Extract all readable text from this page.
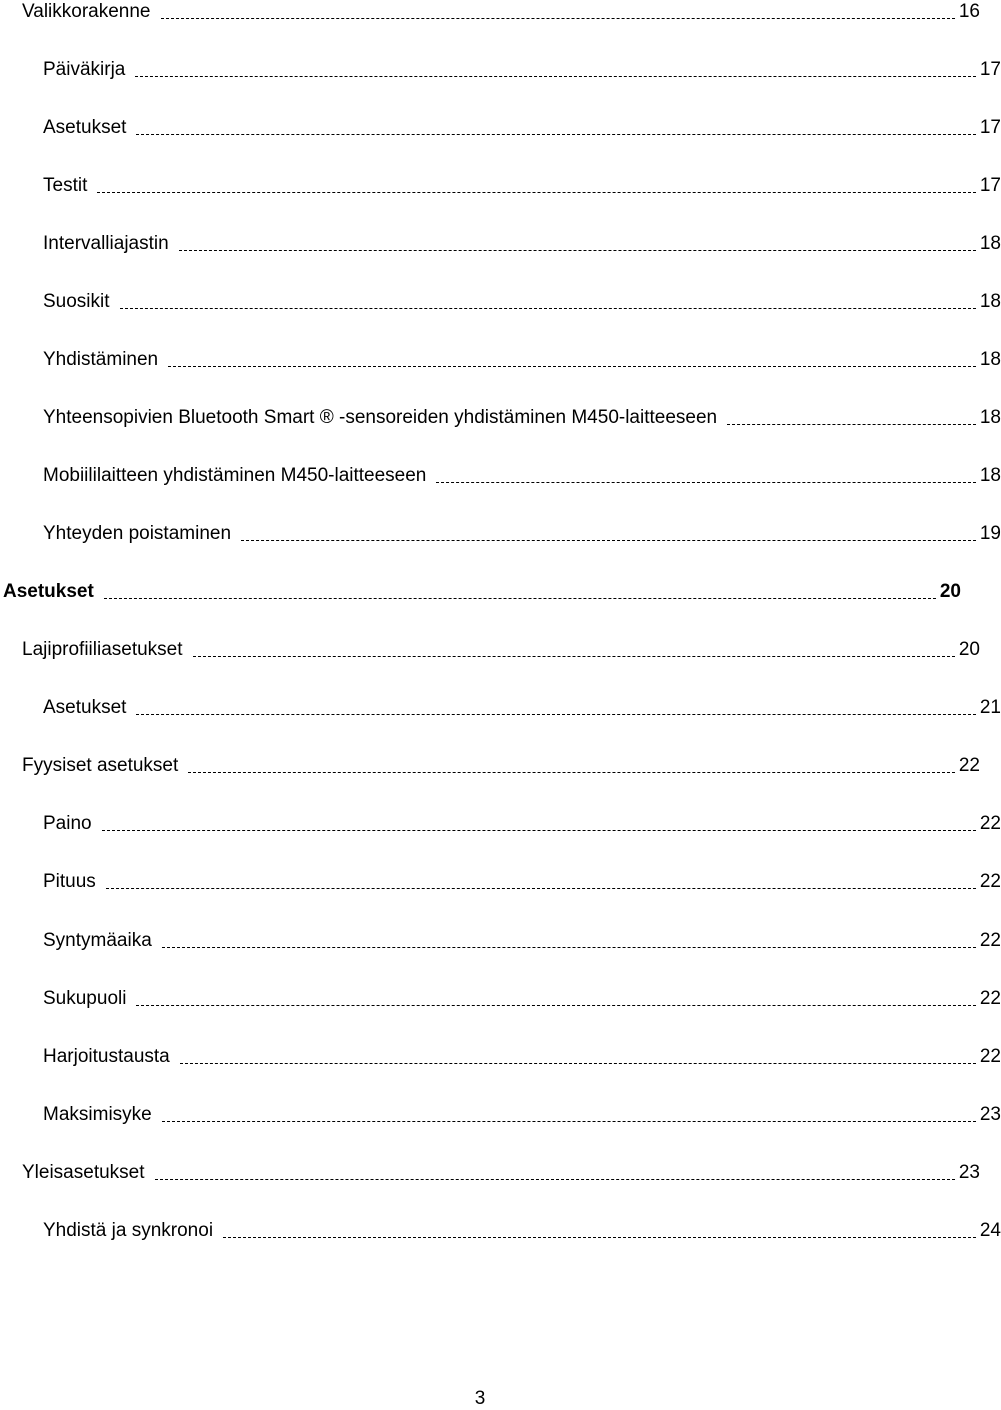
Valikkorakenne	16
Päiväkirja	17
Asetukset	17
Testit	17
Intervalliajastin	18
Suosikit	18
Yhdistäminen	18
Yhteensopivien Bluetooth Smart ® -sensoreiden yhdistäminen M450-laitteeseen	18
Mobiililaitteen yhdistäminen M450-laitteeseen	18
Yhteyden poistaminen	19
Asetukset	20
Lajiprofiiliasetukset	20
Asetukset	21
Fyysiset asetukset	22
Paino	22
Pituus	22
Syntymäaika	22
Sukupuoli	22
Harjoitustausta	22
Maksimisyke	23
Yleisasetukset	23
Yhdistä ja synkronoi	24
3
